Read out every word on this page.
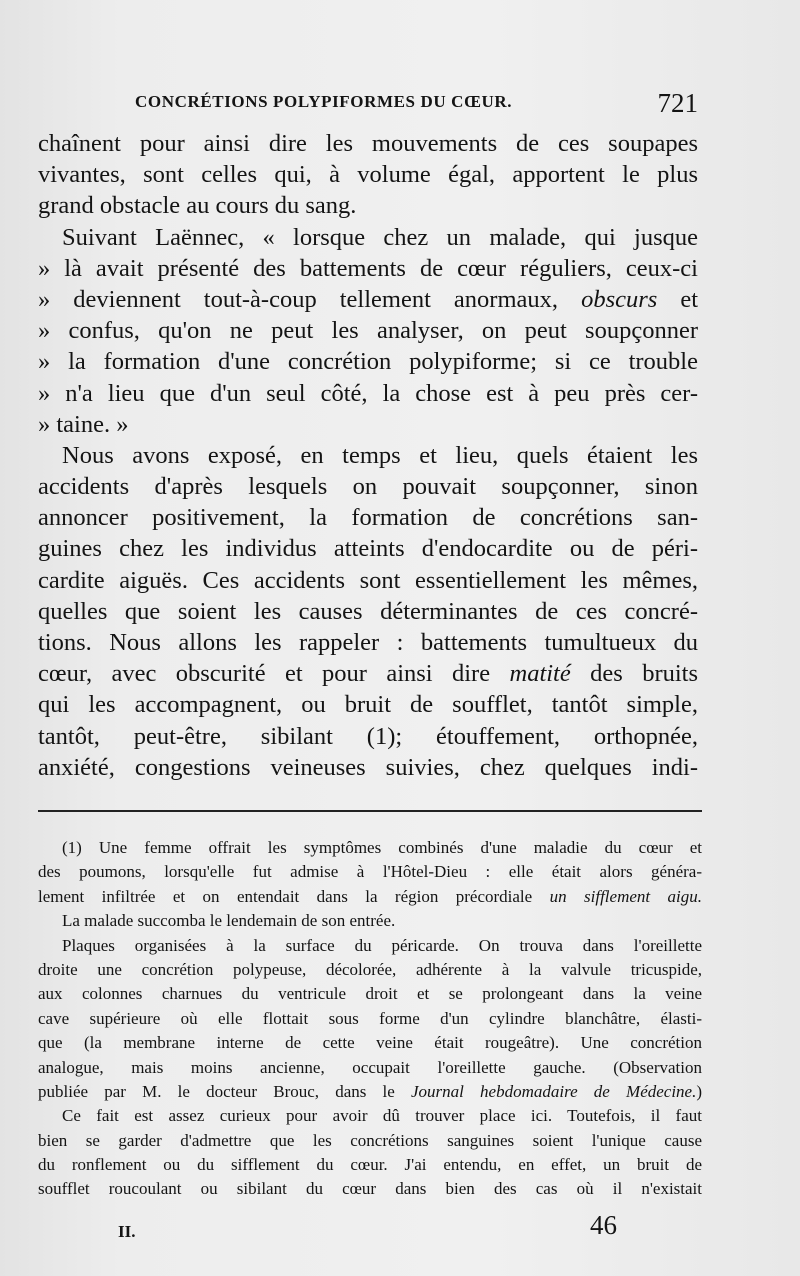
CONCRÉTIONS POLYPIFORMES DU CŒUR.	721

chaînent pour ainsi dire les mouvements de ces soupapes
vivantes, sont celles qui, à volume égal, apportent le plus
grand obstacle au cours du sang.

Suivant Laënnec, « lorsque chez un malade, qui jusque
» là avait présenté des battements de cœur réguliers, ceux-ci
» deviennent tout-à-coup tellement anormaux, obscurs et
» confus, qu'on ne peut les analyser, on peut soupçonner
» la formation d'une concrétion polypiforme; si ce trouble
» n'a lieu que d'un seul côté, la chose est à peu près cer-
» taine. »

Nous avons exposé, en temps et lieu, quels étaient les
accidents d'après lesquels on pouvait soupçonner, sinon
annoncer positivement, la formation de concrétions san-
guines chez les individus atteints d'endocardite ou de péri-
cardite aiguës. Ces accidents sont essentiellement les mêmes,
quelles que soient les causes déterminantes de ces concré-
tions. Nous allons les rappeler : battements tumultueux du
cœur, avec obscurité et pour ainsi dire matité des bruits
qui les accompagnent, ou bruit de soufflet, tantôt simple,
tantôt, peut-être, sibilant (1); étouffement, orthopnée,
anxiété, congestions veineuses suivies, chez quelques indi-

(1) Une femme offrait les symptômes combinés d'une maladie du cœur et
des poumons, lorsqu'elle fut admise à l'Hôtel-Dieu : elle était alors généra-
lement infiltrée et on entendait dans la région précordiale un sifflement aigu.
La malade succomba le lendemain de son entrée.
Plaques organisées à la surface du péricarde. On trouva dans l'oreillette
droite une concrétion polypeuse, décolorée, adhérente à la valvule tricuspide,
aux colonnes charnues du ventricule droit et se prolongeant dans la veine
cave supérieure où elle flottait sous forme d'un cylindre blanchâtre, élasti-
que (la membrane interne de cette veine était rougeâtre). Une concrétion
analogue, mais moins ancienne, occupait l'oreillette gauche. (Observation
publiée par M. le docteur Brouc, dans le Journal hebdomadaire de Médecine.)
Ce fait est assez curieux pour avoir dû trouver place ici. Toutefois, il faut
bien se garder d'admettre que les concrétions sanguines soient l'unique cause
du ronflement ou du sifflement du cœur. J'ai entendu, en effet, un bruit de
soufflet roucoulant ou sibilant du cœur dans bien des cas où il n'existait
II.	46
